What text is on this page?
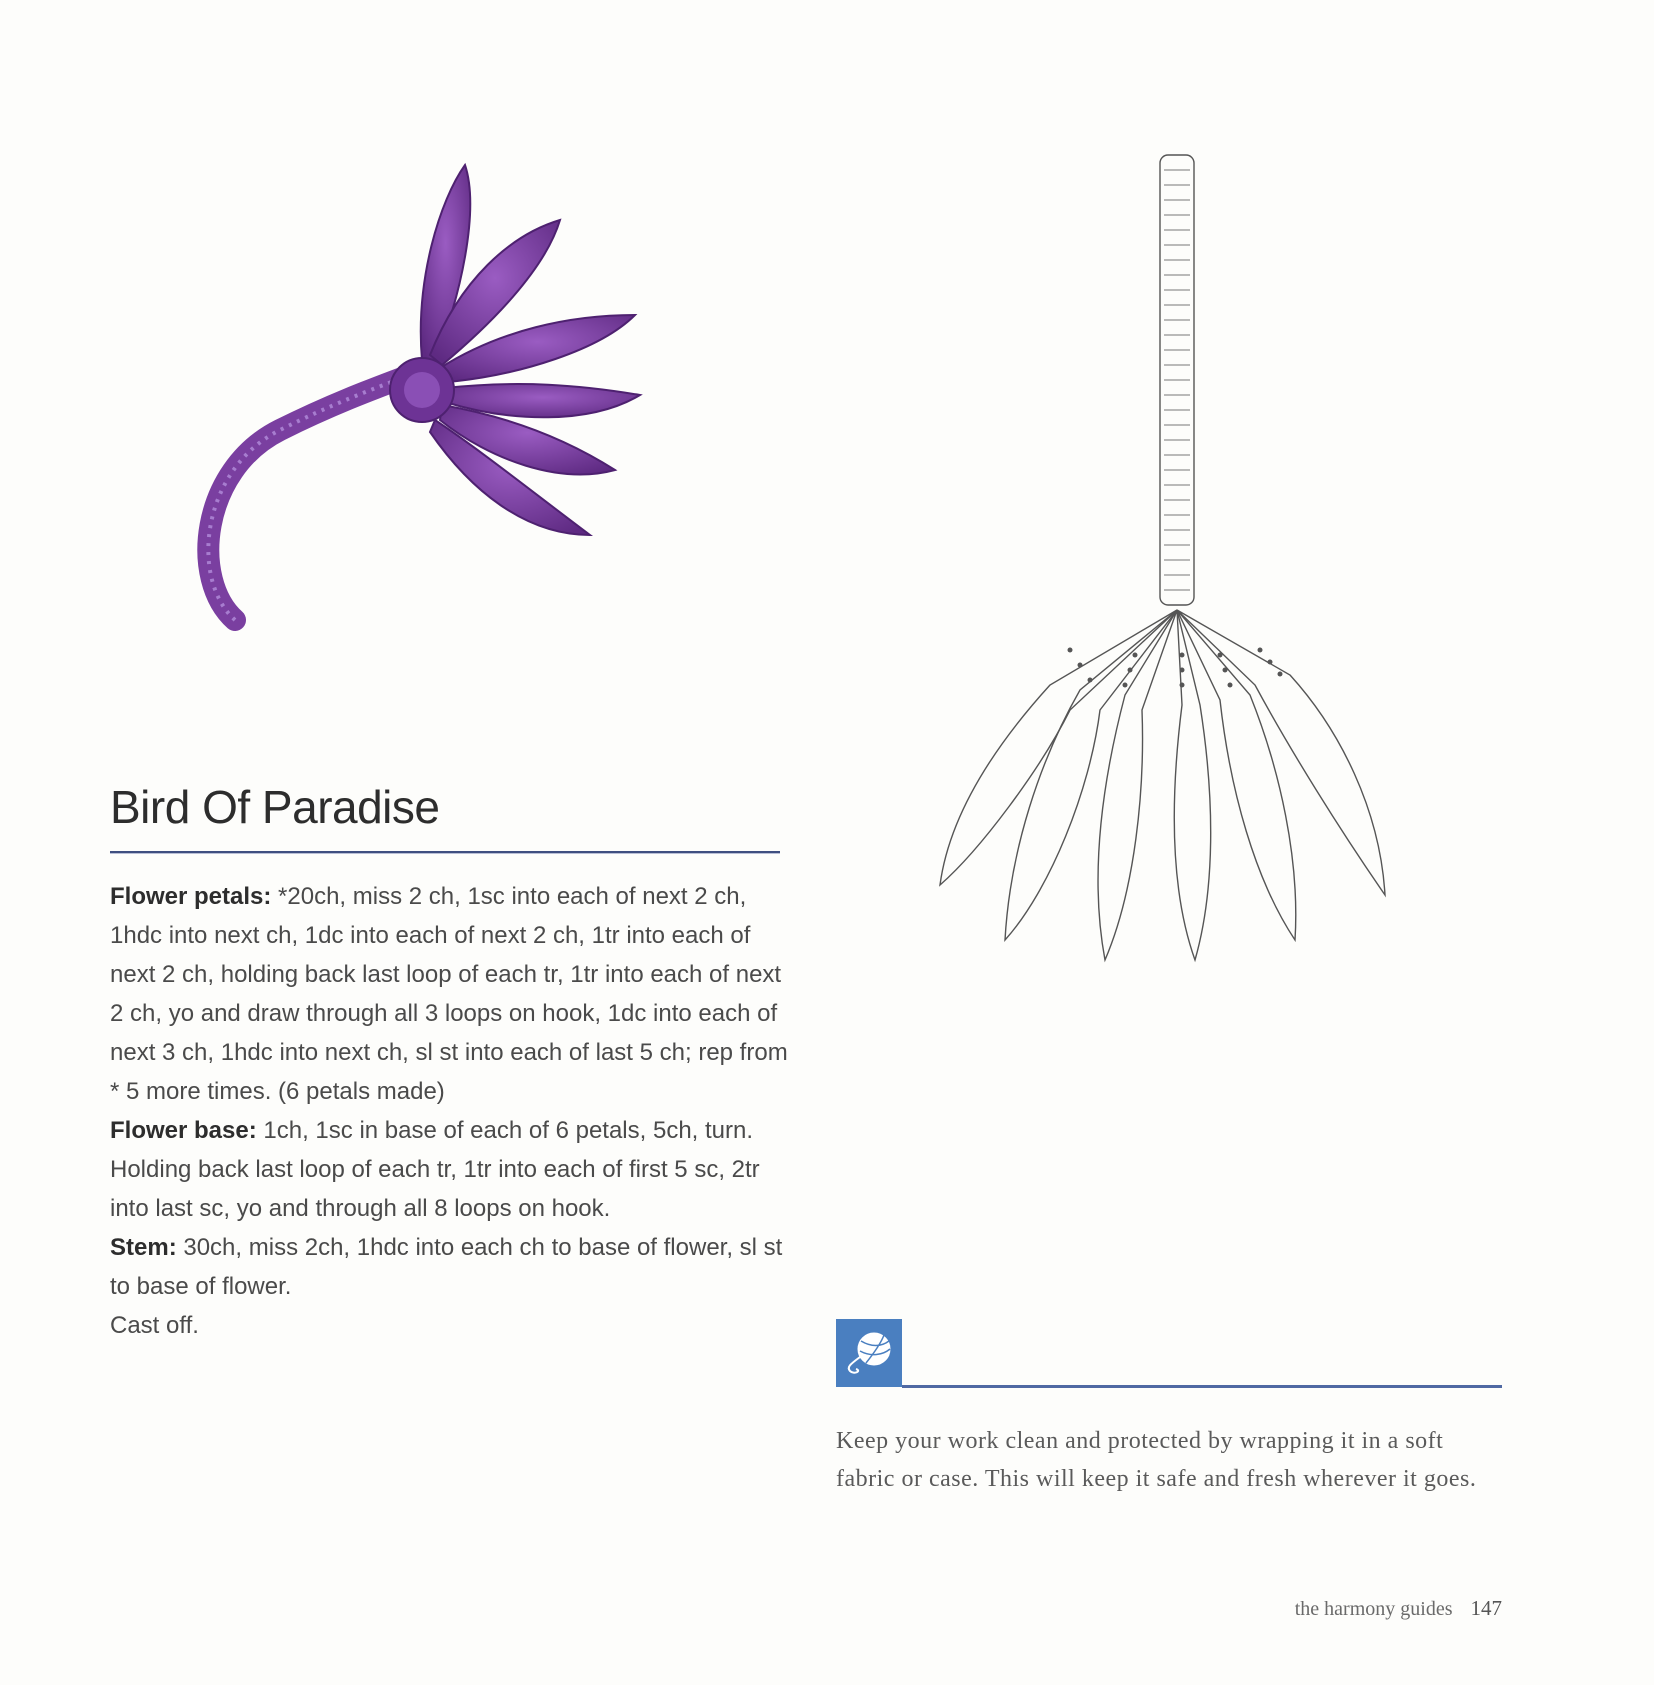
Bird Of Paradise

Flower petals: *20ch, miss 2 ch, 1sc into each of next 2 ch, 1hdc into next ch, 1dc into each of next 2 ch, 1tr into each of next 2 ch, holding back last loop of each tr, 1tr into each of next 2 ch, yo and draw through all 3 loops on hook, 1dc into each of next 3 ch, 1hdc into next ch, sl st into each of last 5 ch; rep from * 5 more times. (6 petals made)

Flower base: 1ch, 1sc in base of each of 6 petals, 5ch, turn. Holding back last loop of each tr, 1tr into each of first 5 sc, 2tr into last sc, yo and through all 8 loops on hook.

Stem: 30ch, miss 2ch, 1hdc into each ch to base of flower, sl st to base of flower.

Cast off.

Keep your work clean and protected by wrapping it in a soft fabric or case. This will keep it safe and fresh wherever it goes.
the harmony guides 147
